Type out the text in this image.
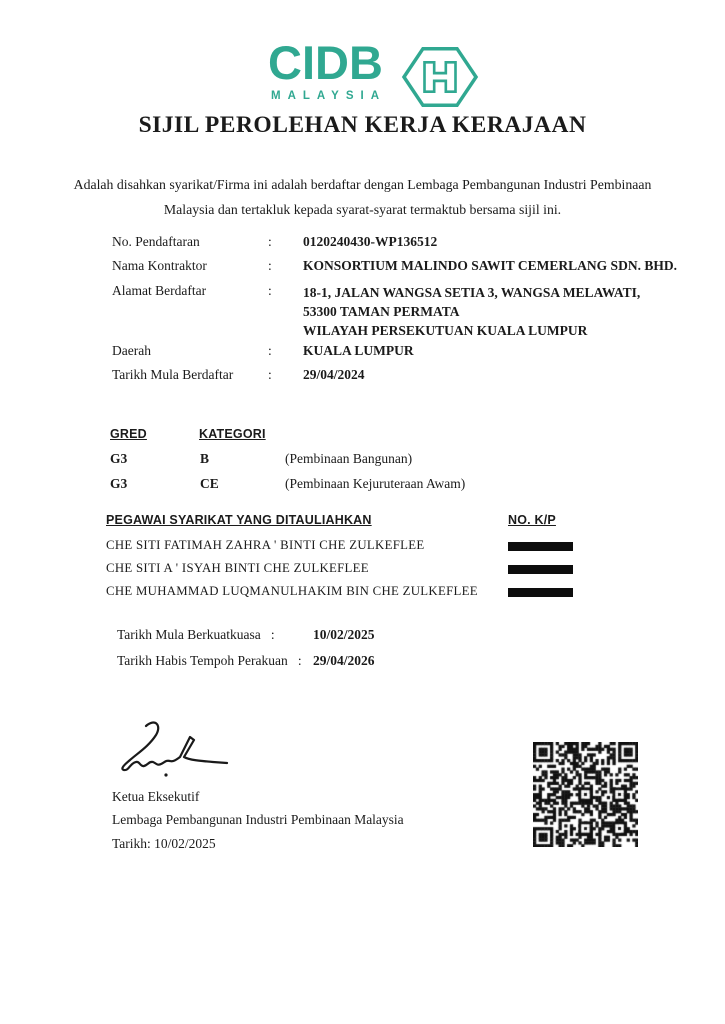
CIDB
MALAYSIA
SIJIL PEROLEHAN KERJA KERAJAAN
Adalah disahkan syarikat/Firma ini adalah berdaftar dengan Lembaga Pembangunan Industri Pembinaan
Malaysia dan tertakluk kepada syarat-syarat termaktub bersama sijil ini.
No. Pendaftaran	:	0120240430-WP136512
Nama Kontraktor	:	KONSORTIUM MALINDO SAWIT CEMERLANG SDN. BHD.
Alamat Berdaftar	:	18-1, JALAN WANGSA SETIA 3, WANGSA MELAWATI,
53300 TAMAN PERMATA
WILAYAH PERSEKUTUAN KUALA LUMPUR
Daerah	:	KUALA LUMPUR
Tarikh Mula Berdaftar	:	29/04/2024
GRED	KATEGORI
G3	B	(Pembinaan Bangunan)
G3	CE	(Pembinaan Kejuruteraan Awam)
PEGAWAI SYARIKAT YANG DITAULIAHKAN	NO. K/P
CHE SITI FATIMAH ZAHRA ' BINTI CHE ZULKEFLEE
CHE SITI A ' ISYAH BINTI CHE ZULKEFLEE
CHE MUHAMMAD LUQMANULHAKIM BIN CHE ZULKEFLEE
Tarikh Mula Berkuatkuasa :	10/02/2025
Tarikh Habis Tempoh Perakuan : 29/04/2026
Ketua Eksekutif
Lembaga Pembangunan Industri Pembinaan Malaysia
Tarikh: 10/02/2025
